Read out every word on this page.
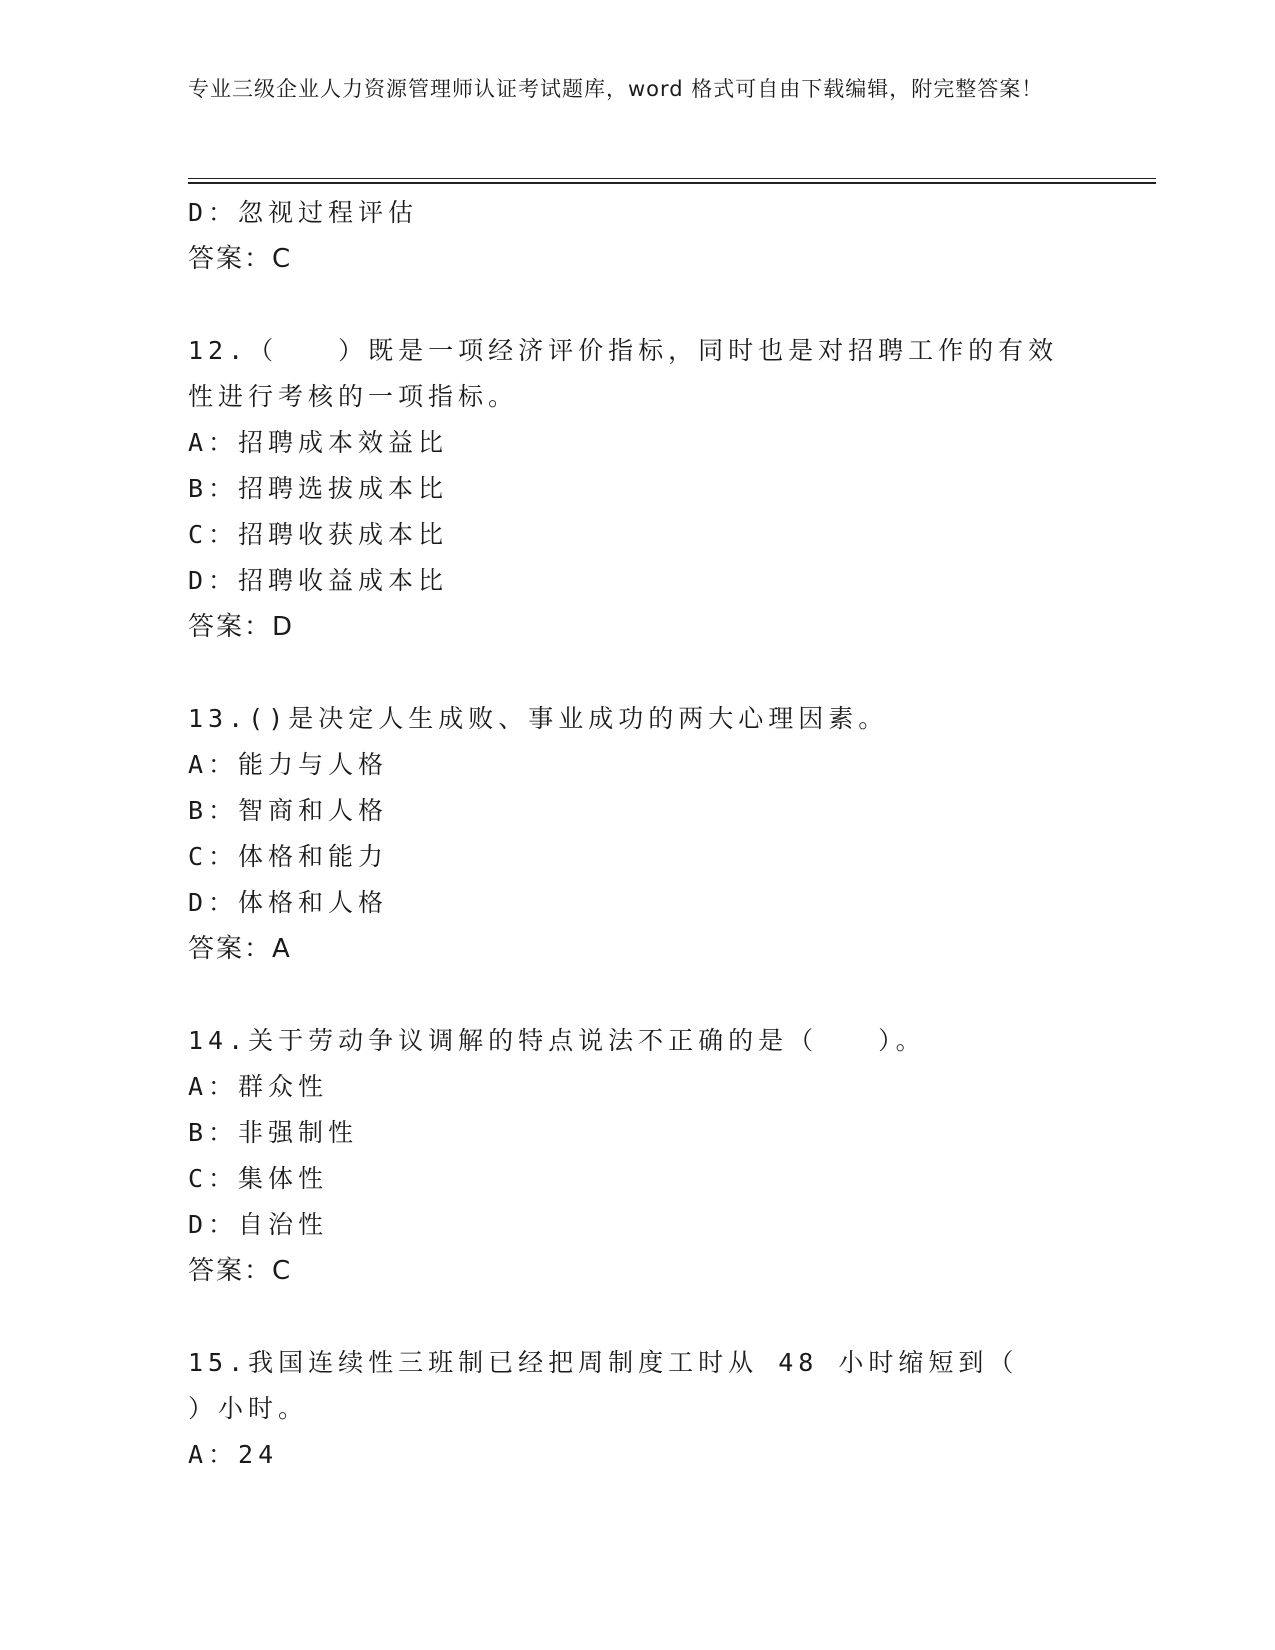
专业三级企业人力资源管理师认证考试题库，word 格式可自由下载编辑，附完整答案！
D：忽视过程评估
答案：C
12.（　　）既是一项经济评价指标，同时也是对招聘工作的有效性进行考核的一项指标。
A：招聘成本效益比
B：招聘选拔成本比
C：招聘收获成本比
D：招聘收益成本比
答案：D
13.()是决定人生成败、事业成功的两大心理因素。
A：能力与人格
B：智商和人格
C：体格和能力
D：体格和人格
答案：A
14.关于劳动争议调解的特点说法不正确的是（　　）。
A：群众性
B：非强制性
C：集体性
D：自治性
答案：C
15.我国连续性三班制已经把周制度工时从 48 小时缩短到（　　）小时。
A：24
